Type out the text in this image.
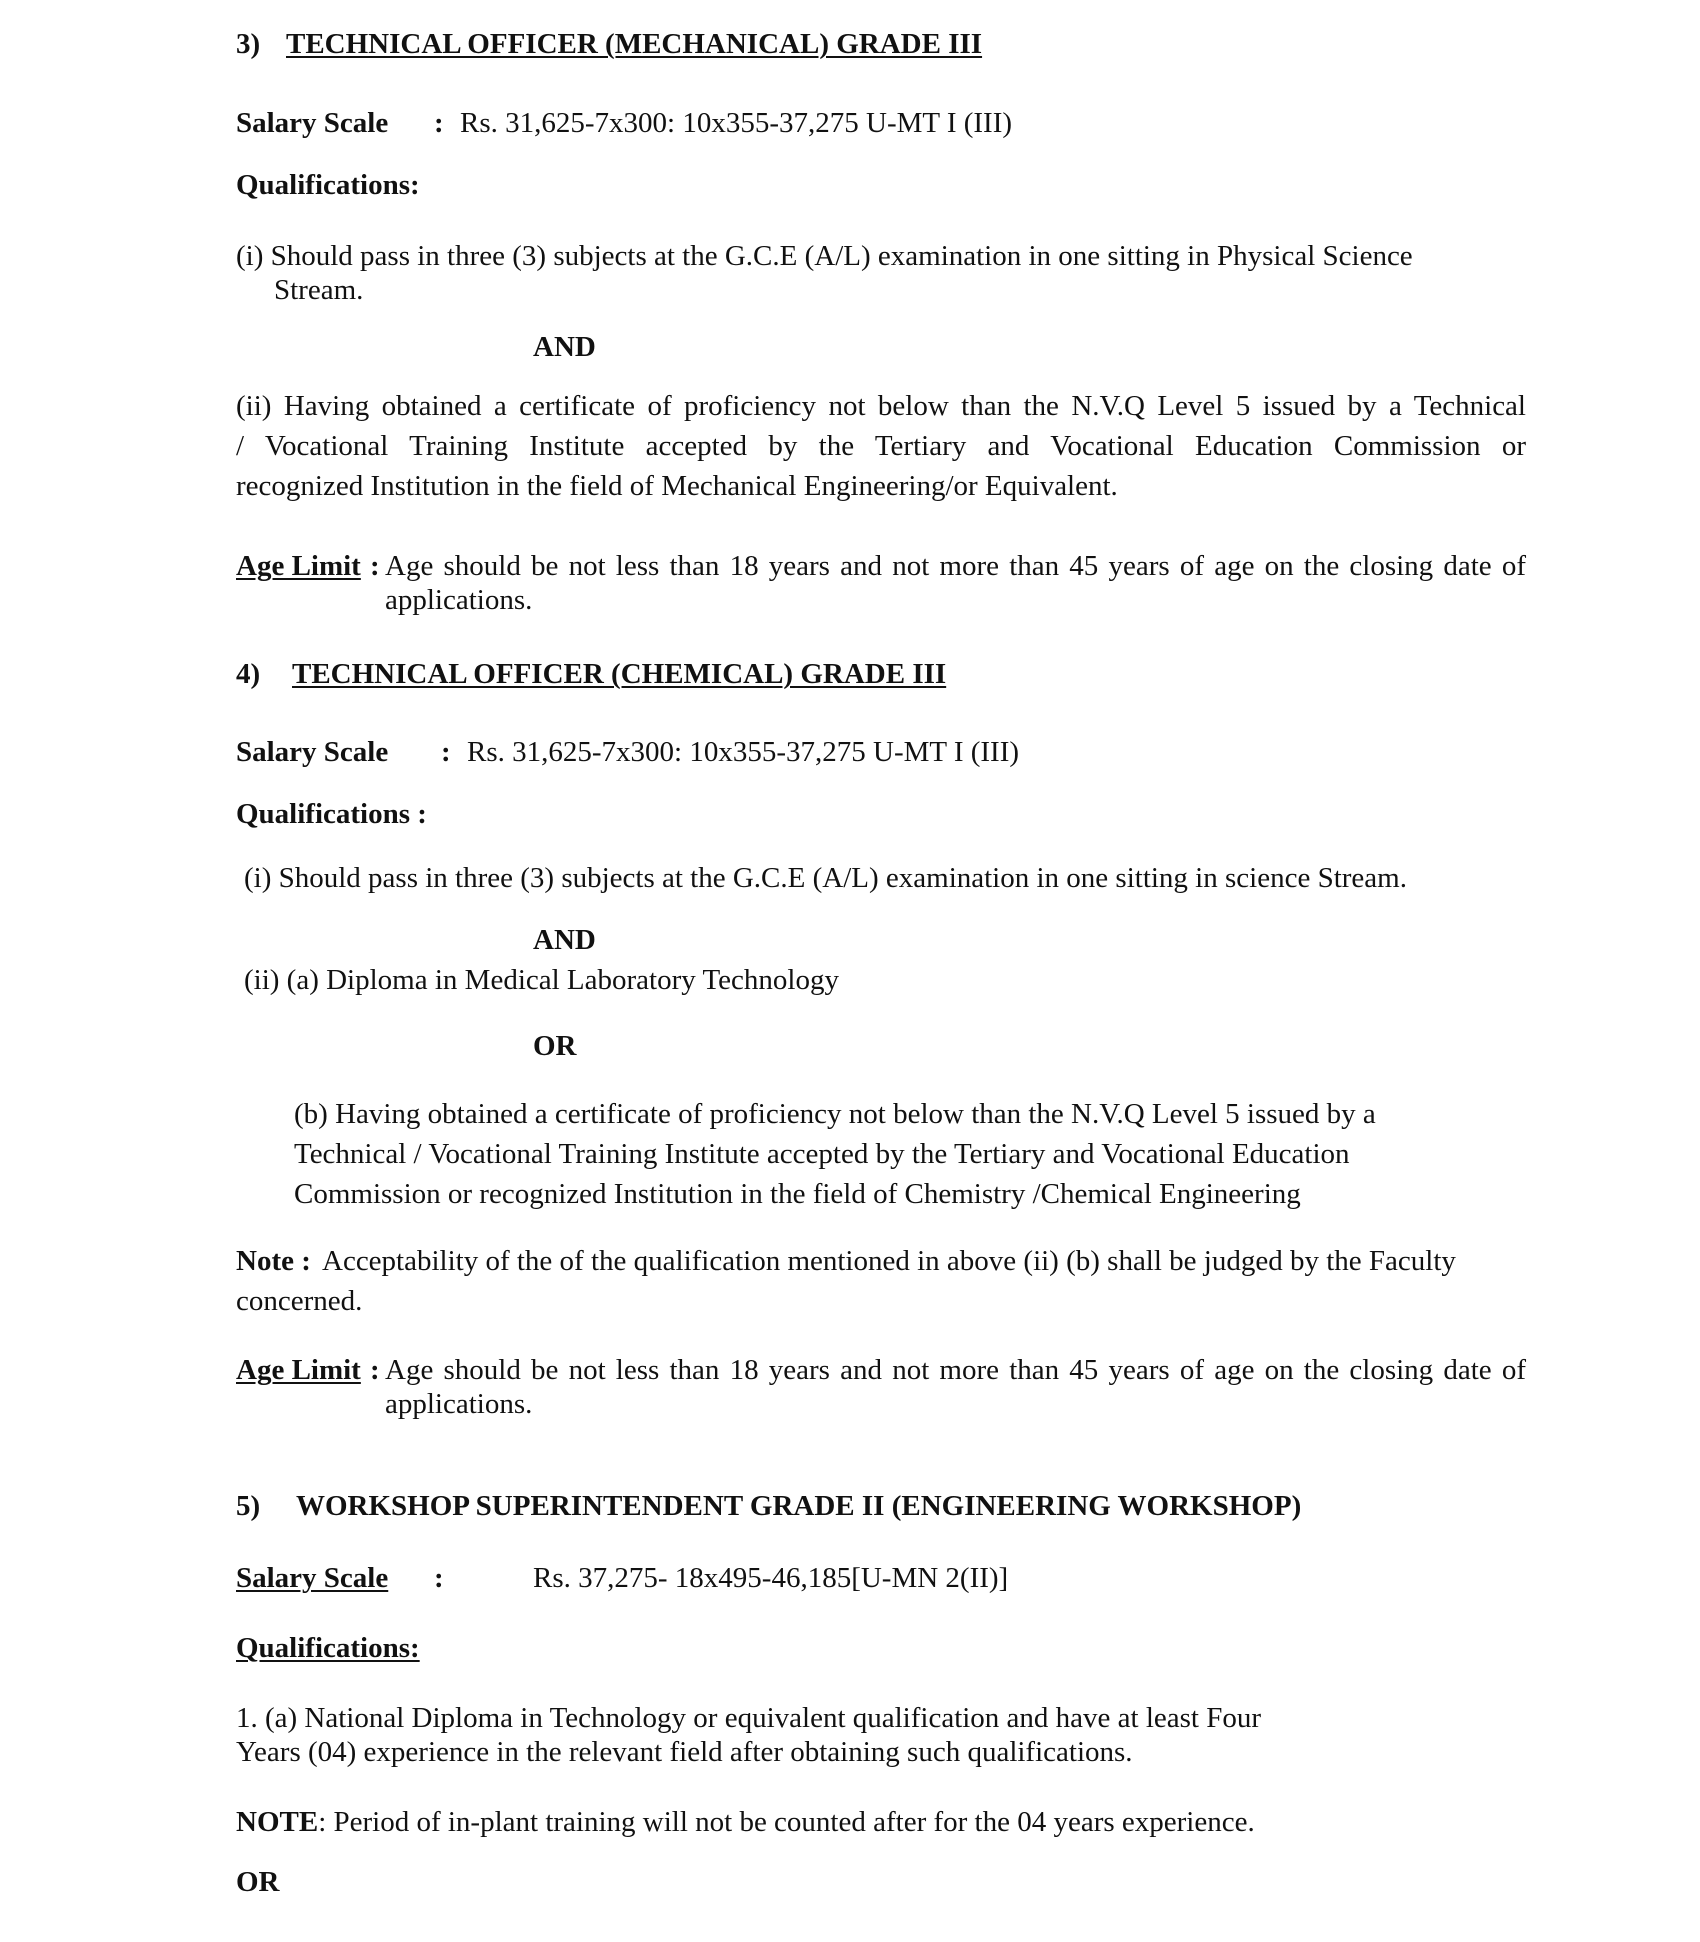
3) TECHNICAL OFFICER (MECHANICAL) GRADE III
Salary Scale : Rs. 31,625-7x300: 10x355-37,275 U-MT I (III)
Qualifications:
(i) Should pass in three (3) subjects at the G.C.E (A/L) examination in one sitting in Physical Science
Stream.
AND
(ii) Having obtained a certificate of proficiency not below than the N.V.Q Level 5 issued by a Technical
/ Vocational Training Institute accepted by the Tertiary and Vocational Education Commission or
recognized Institution in the field of Mechanical Engineering/or Equivalent.
Age Limit : Age should be not less than 18 years and not more than 45 years of age on the closing date of
applications.
4) TECHNICAL OFFICER (CHEMICAL) GRADE III
Salary Scale : Rs. 31,625-7x300: 10x355-37,275 U-MT I (III)
Qualifications :
(i) Should pass in three (3) subjects at the G.C.E (A/L) examination in one sitting in science Stream.
AND
(ii) (a) Diploma in Medical Laboratory Technology
OR
(b) Having obtained a certificate of proficiency not below than the N.V.Q Level 5 issued by a
Technical / Vocational Training Institute accepted by the Tertiary and Vocational Education
Commission or recognized Institution in the field of Chemistry /Chemical Engineering
Note : Acceptability of the of the qualification mentioned in above (ii) (b) shall be judged by the Faculty
concerned.
Age Limit : Age should be not less than 18 years and not more than 45 years of age on the closing date of
applications.
5) WORKSHOP SUPERINTENDENT GRADE II (ENGINEERING WORKSHOP)
Salary Scale :	Rs. 37,275- 18x495-46,185[U-MN 2(II)]
Qualifications:
1. (a) National Diploma in Technology or equivalent qualification and have at least Four
Years (04) experience in the relevant field after obtaining such qualifications.
NOTE: Period of in-plant training will not be counted after for the 04 years experience.
OR
